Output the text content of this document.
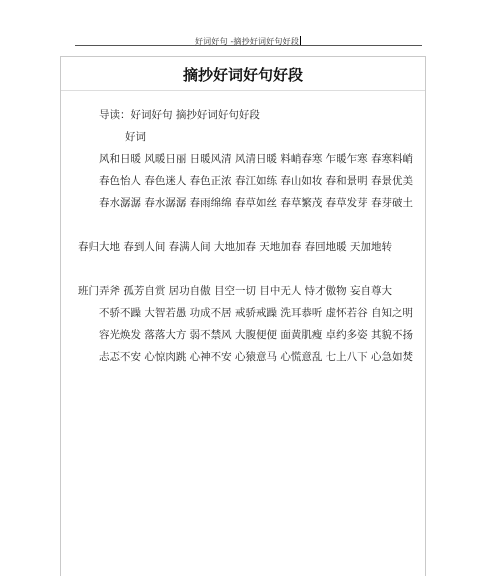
好词好句 -摘抄好词好句好段
摘抄好词好句好段

导读：好词好句 摘抄好词好句好段

好词

风和日暖 风暖日丽 日暖风清 风清日暖 料峭春寒 乍暖乍寒 春寒料峭

春色怡人 春色迷人 春色正浓 春江如练 春山如妆 春和景明 春景优美

春水潺潺 春水潺潺 春雨绵绵 春草如丝 春草繁茂 春草发芽 春芽破土

春归大地 春到人间 春满人间 大地加春 天地加春 春回地暖 天加地转

班门弄斧 孤芳自赏 居功自傲 目空一切 目中无人 恃才傲物 妄自尊大

不骄不躁 大智若愚 功成不居 戒骄戒躁 洗耳恭听 虚怀若谷 自知之明

容光焕发 落落大方 弱不禁风 大腹便便 面黄肌瘦 卓约多姿 其貌不扬

忐忑不安 心惊肉跳 心神不安 心猿意马 心慌意乱 七上八下 心急如焚
